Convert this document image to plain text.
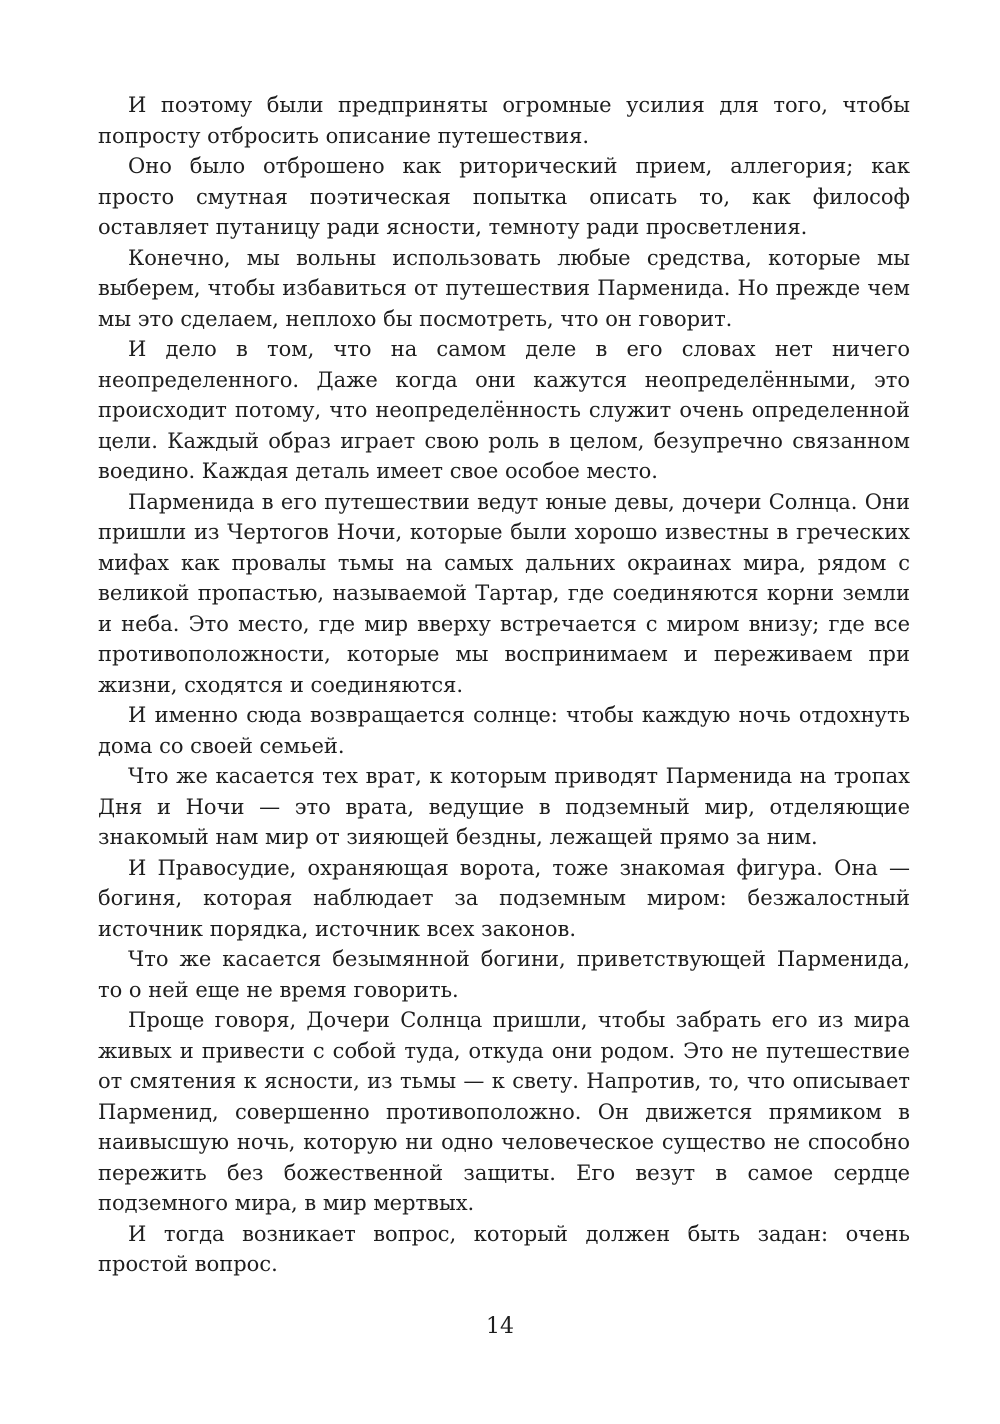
И поэтому были предприняты огромные усилия для того, чтобы попросту отбросить описание путешествия.

Оно было отброшено как риторический прием, аллегория; как просто смутная поэтическая попытка описать то, как философ оставляет путаницу ради ясности, темноту ради просветления.

Конечно, мы вольны использовать любые средства, которые мы выберем, чтобы избавиться от путешествия Парменида. Но прежде чем мы это сделаем, неплохо бы посмотреть, что он говорит.

И дело в том, что на самом деле в его словах нет ничего неопределенного. Даже когда они кажутся неопределёнными, это происходит потому, что неопределённость служит очень определенной цели. Каждый образ играет свою роль в целом, безупречно связанном воедино. Каждая деталь имеет свое особое место.

Парменида в его путешествии ведут юные девы, дочери Солнца. Они пришли из Чертогов Ночи, которые были хорошо известны в греческих мифах как провалы тьмы на самых дальних окраинах мира, рядом с великой пропастью, называемой Тартар, где соединяются корни земли и неба. Это место, где мир вверху встречается с миром внизу; где все противоположности, которые мы воспринимаем и переживаем при жизни, сходятся и соединяются.

И именно сюда возвращается солнце: чтобы каждую ночь отдохнуть дома со своей семьей.

Что же касается тех врат, к которым приводят Парменида на тропах Дня и Ночи — это врата, ведущие в подземный мир, отделяющие знакомый нам мир от зияющей бездны, лежащей прямо за ним.

И Правосудие, охраняющая ворота, тоже знакомая фигура. Она — богиня, которая наблюдает за подземным миром: безжалостный источник порядка, источник всех законов.

Что же касается безымянной богини, приветствующей Парменида, то о ней еще не время говорить.

Проще говоря, Дочери Солнца пришли, чтобы забрать его из мира живых и привести с собой туда, откуда они родом. Это не путешествие от смятения к ясности, из тьмы — к свету. Напротив, то, что описывает Парменид, совершенно противоположно. Он движется прямиком в наивысшую ночь, которую ни одно человеческое существо не способно пережить без божественной защиты. Его везут в самое сердце подземного мира, в мир мертвых.

И тогда возникает вопрос, который должен быть задан: очень простой вопрос.

14
